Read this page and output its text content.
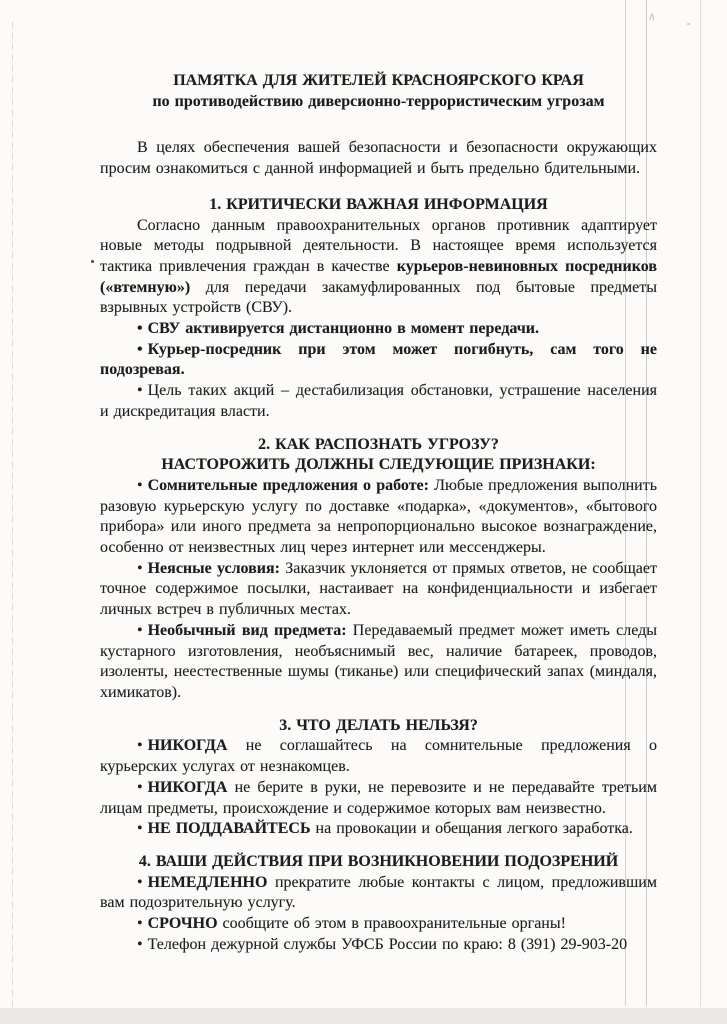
∧
ПАМЯТКА ДЛЯ ЖИТЕЛЕЙ КРАСНОЯРСКОГО КРАЯ
по противодействию диверсионно-террористическим угрозам

В целях обеспечения вашей безопасности и безопасности окружающих просим ознакомиться с данной информацией и быть предельно бдительными.

1. КРИТИЧЕСКИ ВАЖНАЯ ИНФОРМАЦИЯ

Согласно данным правоохранительных органов противник адаптирует новые методы подрывной деятельности. В настоящее время используется тактика привлечения граждан в качестве курьеров-невиновных посредников («втемную») для передачи закамуфлированных под бытовые предметы взрывных устройств (СВУ).

• СВУ активируется дистанционно в момент передачи.

• Курьер-посредник при этом может погибнуть, сам того не подозревая.

• Цель таких акций – дестабилизация обстановки, устрашение населения и дискредитация власти.

2. КАК РАСПОЗНАТЬ УГРОЗУ?
НАСТОРОЖИТЬ ДОЛЖНЫ СЛЕДУЮЩИЕ ПРИЗНАКИ:

• Сомнительные предложения о работе: Любые предложения выполнить разовую курьерскую услугу по доставке «подарка», «документов», «бытового прибора» или иного предмета за непропорционально высокое вознаграждение, особенно от неизвестных лиц через интернет или мессенджеры.

• Неясные условия: Заказчик уклоняется от прямых ответов, не сообщает точное содержимое посылки, настаивает на конфиденциальности и избегает личных встреч в публичных местах.

• Необычный вид предмета: Передаваемый предмет может иметь следы кустарного изготовления, необъяснимый вес, наличие батареек, проводов, изоленты, неестественные шумы (тиканье) или специфический запах (миндаля, химикатов).

3. ЧТО ДЕЛАТЬ НЕЛЬЗЯ?

• НИКОГДА не соглашайтесь на сомнительные предложения о курьерских услугах от незнакомцев.

• НИКОГДА не берите в руки, не перевозите и не передавайте третьим лицам предметы, происхождение и содержимое которых вам неизвестно.

• НЕ ПОДДАВАЙТЕСЬ на провокации и обещания легкого заработка.

4. ВАШИ ДЕЙСТВИЯ ПРИ ВОЗНИКНОВЕНИИ ПОДОЗРЕНИЙ

• НЕМЕДЛЕННО прекратите любые контакты с лицом, предложившим вам подозрительную услугу.

• СРОЧНО сообщите об этом в правоохранительные органы!

• Телефон дежурной службы УФСБ России по краю: 8 (391) 29-903-20
